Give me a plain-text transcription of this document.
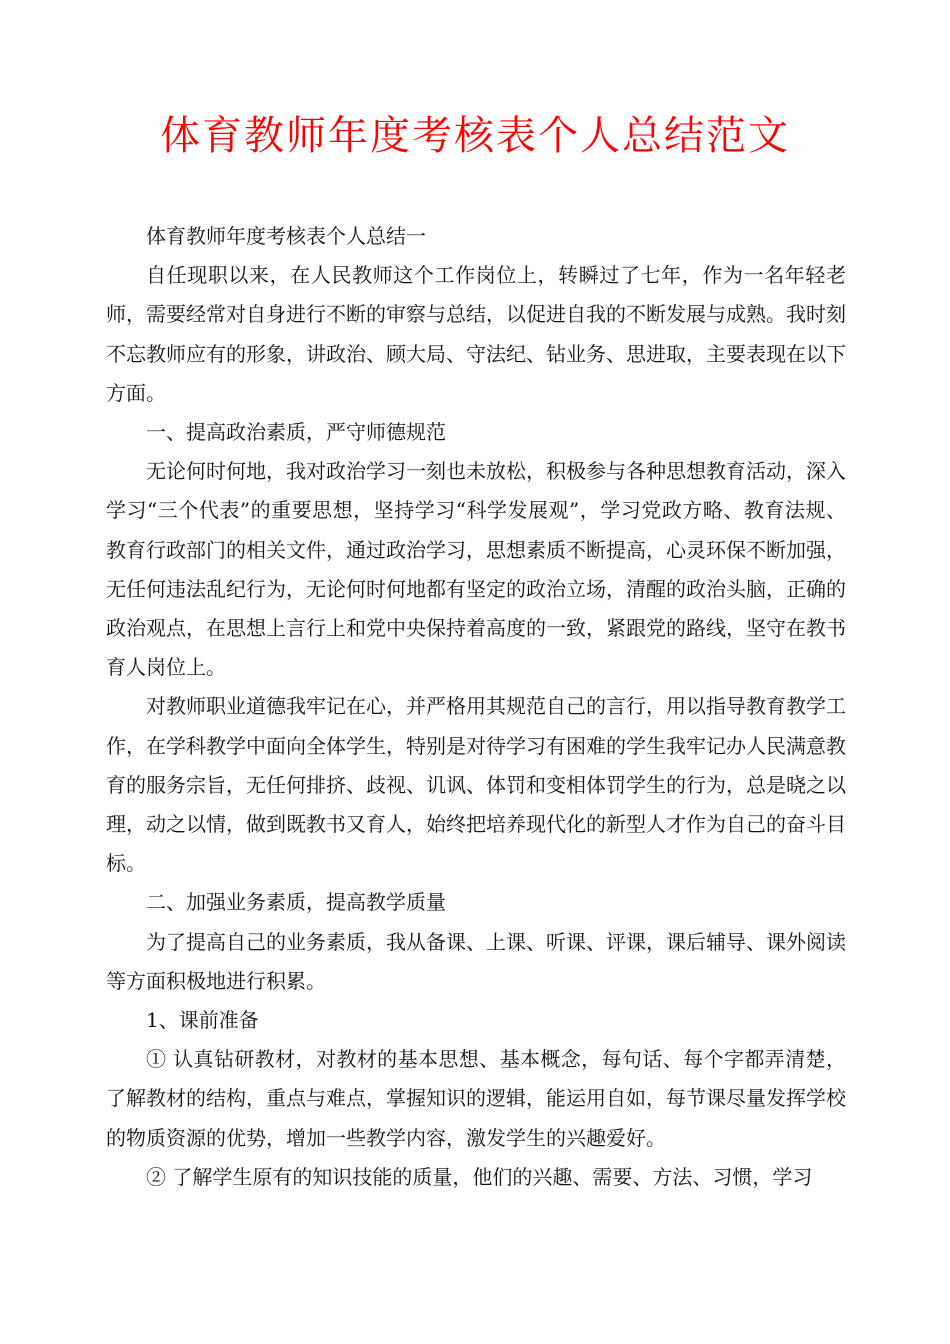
体育教师年度考核表个人总结范文

体育教师年度考核表个人总结一

自任现职以来，在人民教师这个工作岗位上，转瞬过了七年，作为一名年轻老师，需要经常对自身进行不断的审察与总结，以促进自我的不断发展与成熟。我时刻不忘教师应有的形象，讲政治、顾大局、守法纪、钻业务、思进取，主要表现在以下方面。

一、提高政治素质，严守师德规范

无论何时何地，我对政治学习一刻也未放松，积极参与各种思想教育活动，深入学习“三个代表”的重要思想，坚持学习“科学发展观”，学习党政方略、教育法规、教育行政部门的相关文件，通过政治学习，思想素质不断提高，心灵环保不断加强，无任何违法乱纪行为，无论何时何地都有坚定的政治立场，清醒的政治头脑，正确的政治观点，在思想上言行上和党中央保持着高度的一致，紧跟党的路线，坚守在教书育人岗位上。

对教师职业道德我牢记在心，并严格用其规范自己的言行，用以指导教育教学工作，在学科教学中面向全体学生，特别是对待学习有困难的学生我牢记办人民满意教育的服务宗旨，无任何排挤、歧视、讥讽、体罚和变相体罚学生的行为，总是晓之以理，动之以情，做到既教书又育人，始终把培养现代化的新型人才作为自己的奋斗目标。

二、加强业务素质，提高教学质量

为了提高自己的业务素质，我从备课、上课、听课、评课，课后辅导、课外阅读等方面积极地进行积累。

1、课前准备

① 认真钻研教材，对教材的基本思想、基本概念，每句话、每个字都弄清楚，了解教材的结构，重点与难点，掌握知识的逻辑，能运用自如，每节课尽量发挥学校的物质资源的优势，增加一些教学内容，激发学生的兴趣爱好。

② 了解学生原有的知识技能的质量，他们的兴趣、需要、方法、习惯，学习
